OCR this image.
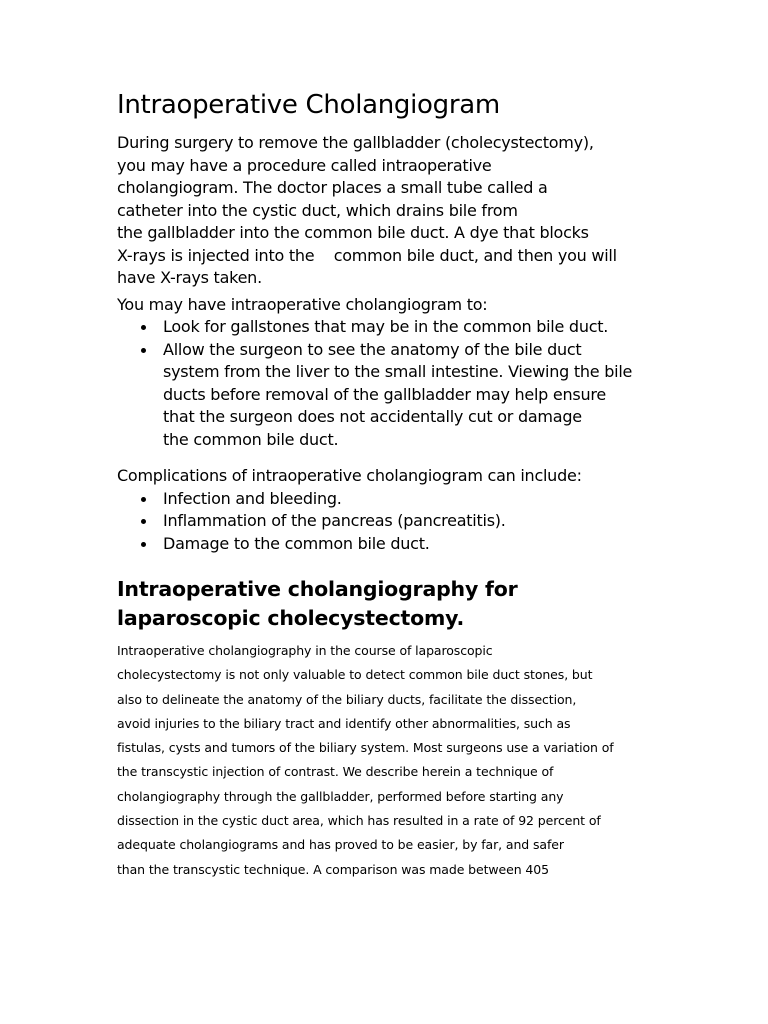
Intraoperative Cholangiogram
During surgery to remove the gallbladder (cholecystectomy),
you may have a procedure called intraoperative
cholangiogram. The doctor places a small tube called a
catheter into the cystic duct, which drains bile from
the gallbladder into the common bile duct. A dye that blocks
X-rays is injected into the    common bile duct, and then you will
have X-rays taken.

You may have intraoperative cholangiogram to:

Look for gallstones that may be in the common bile duct.
Allow the surgeon to see the anatomy of the bile duct
system from the liver to the small intestine. Viewing the bile
ducts before removal of the gallbladder may help ensure
that the surgeon does not accidentally cut or damage
the common bile duct.

Complications of intraoperative cholangiogram can include:

Infection and bleeding.
Inflammation of the pancreas (pancreatitis).
Damage to the common bile duct.
Intraoperative cholangiography for
laparoscopic cholecystectomy.
Intraoperative cholangiography in the course of laparoscopic
cholecystectomy is not only valuable to detect common bile duct stones, but
also to delineate the anatomy of the biliary ducts, facilitate the dissection,
avoid injuries to the biliary tract and identify other abnormalities, such as
fistulas, cysts and tumors of the biliary system. Most surgeons use a variation of
the transcystic injection of contrast. We describe herein a technique of
cholangiography through the gallbladder, performed before starting any
dissection in the cystic duct area, which has resulted in a rate of 92 percent of
adequate cholangiograms and has proved to be easier, by far, and safer
than the transcystic technique. A comparison was made between 405
